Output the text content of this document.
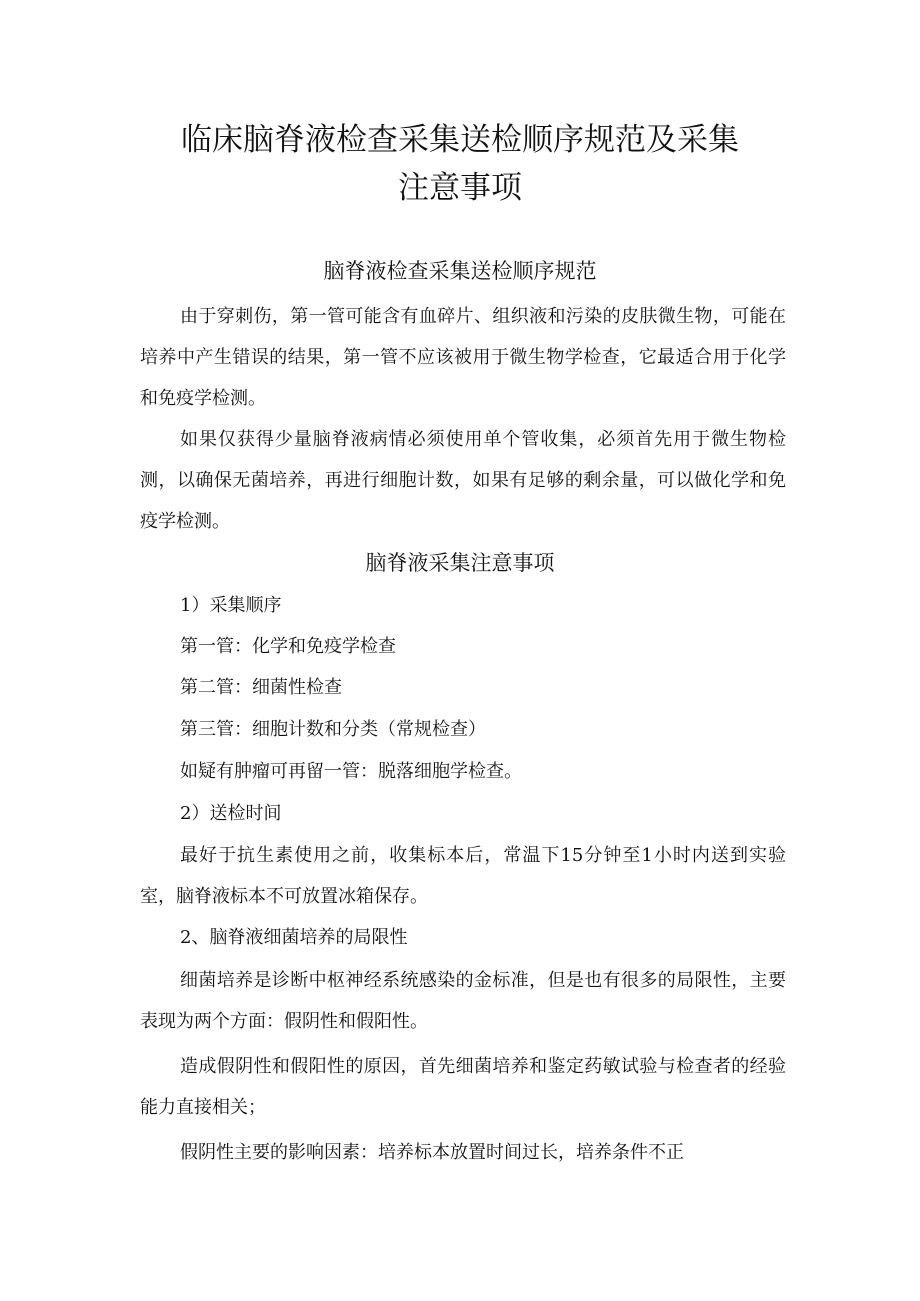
临床脑脊液检查采集送检顺序规范及采集
注意事项
脑脊液检查采集送检顺序规范

由于穿刺伤，第一管可能含有血碎片、组织液和污染的皮肤微生物，可能在培养中产生错误的结果，第一管不应该被用于微生物学检查，它最适合用于化学和免疫学检测。

如果仅获得少量脑脊液病情必须使用单个管收集，必须首先用于微生物检测，以确保无菌培养，再进行细胞计数，如果有足够的剩余量，可以做化学和免疫学检测。

脑脊液采集注意事项
1）采集顺序
第一管：化学和免疫学检查
第二管：细菌性检查
第三管：细胞计数和分类（常规检查）
如疑有肿瘤可再留一管：脱落细胞学检查。
2）送检时间

最好于抗生素使用之前，收集标本后，常温下15分钟至1小时内送到实验室，脑脊液标本不可放置冰箱保存。

2、脑脊液细菌培养的局限性

细菌培养是诊断中枢神经系统感染的金标准，但是也有很多的局限性，主要表现为两个方面：假阴性和假阳性。

造成假阴性和假阳性的原因，首先细菌培养和鉴定药敏试验与检查者的经验能力直接相关；

假阴性主要的影响因素：培养标本放置时间过长，培养条件不正
